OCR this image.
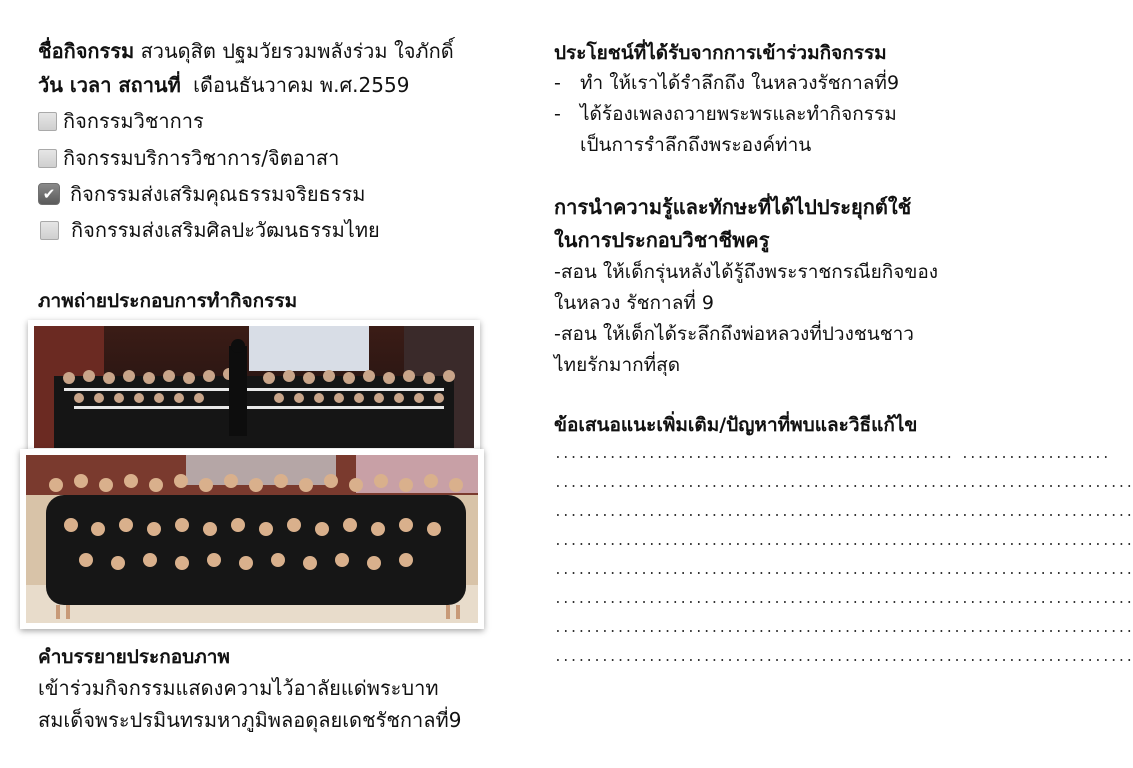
ชื่อกิจกรรม สวนดุสิต ปฐมวัยรวมพลังร่วม ใจภักดิ์
วัน เวลา สถานที่ เดือนธันวาคม พ.ศ.2559
กิจกรรมวิชาการ
กิจกรรมบริการวิชาการ/จิตอาสา
✔ กิจกรรมส่งเสริมคุณธรรมจริยธรรม
กิจกรรมส่งเสริมศิลปะวัฒนธรรมไทย
ภาพถ่ายประกอบการทำกิจกรรม
คำบรรยายประกอบภาพ
เข้าร่วมกิจกรรมแสดงความไว้อาลัยแด่พระบาท
สมเด็จพระปรมินทรมหาภูมิพลอดุลยเดชรัชกาลที่9
ประโยชน์ที่ได้รับจากการเข้าร่วมกิจกรรม
-	ทำ ให้เราได้รำลึกถึง ในหลวงรัชกาลที่9
-	ได้ร้องเพลงถวายพระพรและทำกิจกรรม
เป็นการรำลึกถึงพระองค์ท่าน
การนำความรู้และทักษะที่ได้ไปประยุกต์ใช้
ในการประกอบวิชาชีพครู
-สอน ให้เด็กรุ่นหลังได้รู้ถึงพระราชกรณียกิจของ
ในหลวง รัชกาลที่ 9
-สอน ให้เด็กได้ระลึกถึงพ่อหลวงที่ปวงชนชาว
ไทยรักมากที่สุด
ข้อเสนอแนะเพิ่มเติม/ปัญหาที่พบและวิธีแก้ไข
................................................... ...................
..........................................................................
..........................................................................
..........................................................................
..........................................................................
..........................................................................
..........................................................................
..........................................................................
